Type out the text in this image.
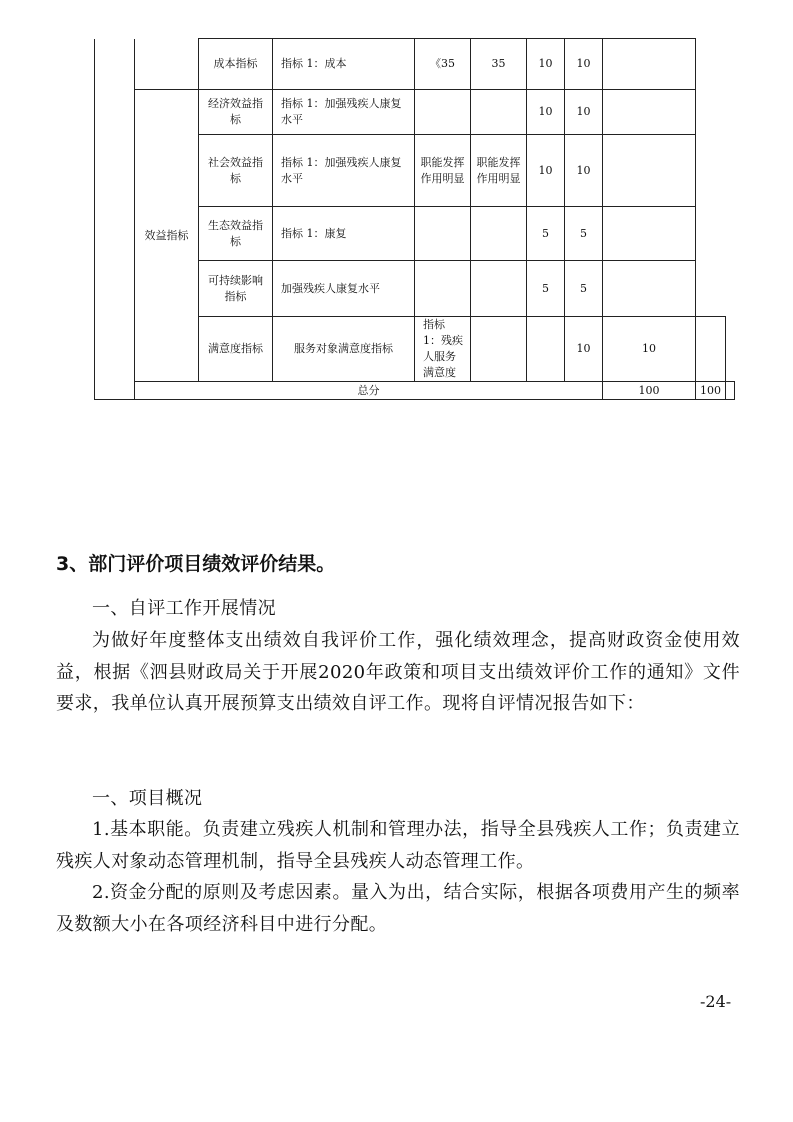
		成本指标	指标 1：成本	《35	35	10	10			
	效益指标	经济效益指标	指标 1：加强残疾人康复水平			10	10			
		社会效益指标	指标 1：加强残疾人康复水平	职能发挥作用明显	职能发挥作用明显	10	10			
		生态效益指标	指标 1：康复			5	5			
		可持续影响指标	加强残疾人康复水平			5	5			
		满意度指标	服务对象满意度指标	指标 1：残疾人服务满意度			10	10		
	总分							100	100	
3、部门评价项目绩效评价结果。
一、自评工作开展情况
为做好年度整体支出绩效自我评价工作，强化绩效理念，提高财政资金使用效益，根据《泗县财政局关于开展2020年政策和项目支出绩效评价工作的通知》文件要求，我单位认真开展预算支出绩效自评工作。现将自评情况报告如下：
一、项目概况
1.基本职能。负责建立残疾人机制和管理办法，指导全县残疾人工作；负责建立残疾人对象动态管理机制，指导全县残疾人动态管理工作。
2.资金分配的原则及考虑因素。量入为出，结合实际，根据各项费用产生的频率及数额大小在各项经济科目中进行分配。
-24-
